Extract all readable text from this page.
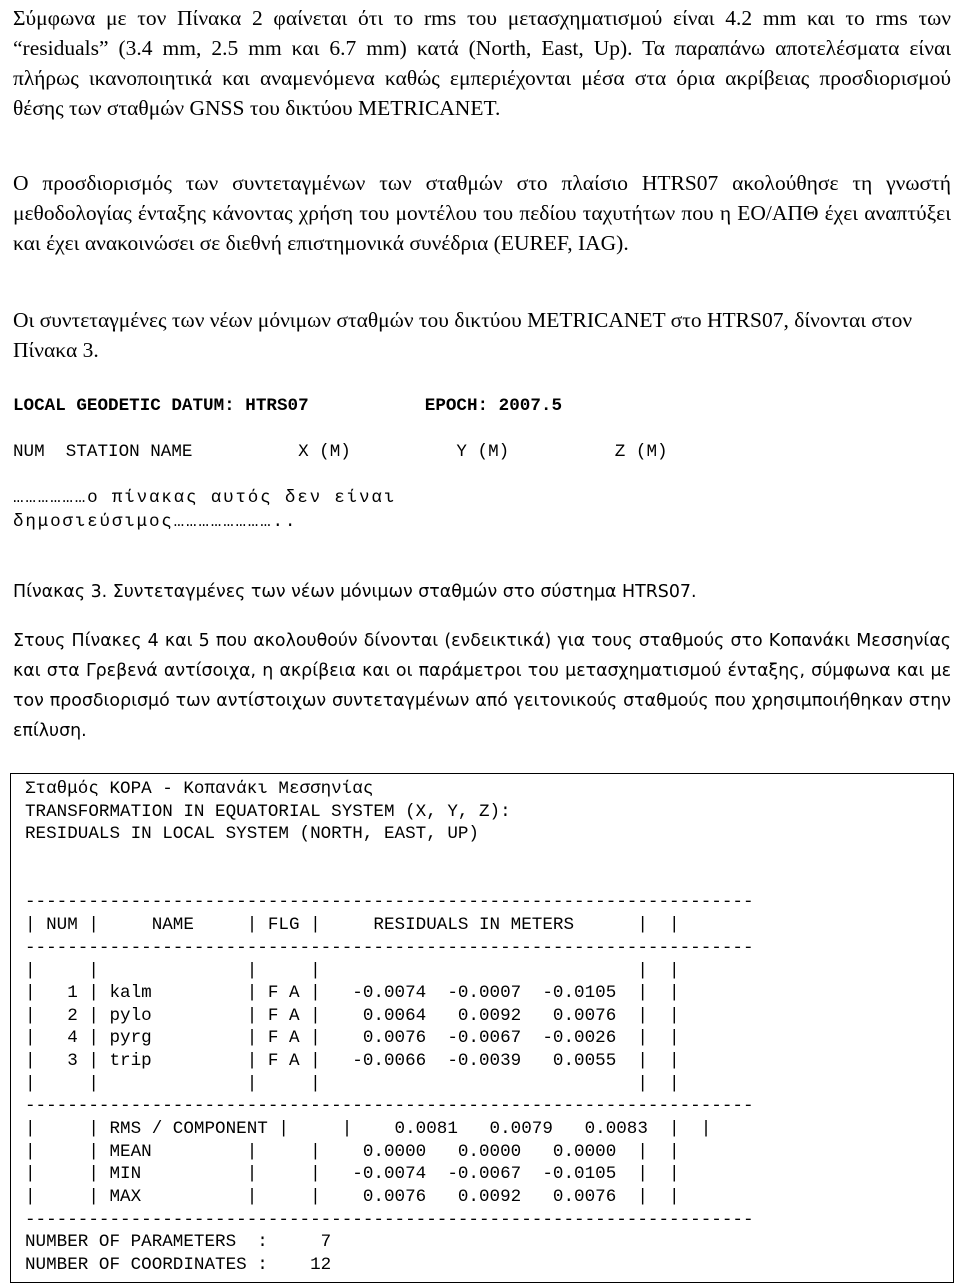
Σύμφωνα με τον Πίνακα 2 φαίνεται ότι το rms του μετασχηματισμού είναι 4.2 mm και το rms των “residuals” (3.4 mm, 2.5 mm και 6.7 mm) κατά (North, East, Up). Τα παραπάνω αποτελέσματα είναι πλήρως ικανοποιητικά και αναμενόμενα καθώς εμπεριέχονται μέσα στα όρια ακρίβειας προσδιορισμού θέσης των σταθμών GNSS του δικτύου METRICANET.

Ο προσδιορισμός των συντεταγμένων των σταθμών στο πλαίσιο HTRS07 ακολούθησε τη γνωστή μεθοδολογίας ένταξης κάνοντας χρήση του μοντέλου του πεδίου ταχυτήτων που η ΕΟ/ΑΠΘ έχει αναπτύξει και έχει ανακοινώσει σε διεθνή επιστημονικά συνέδρια (EUREF, IAG).

Οι συντεταγμένες των νέων μόνιμων σταθμών του δικτύου METRICANET στο HTRS07, δίνονται στον Πίνακα 3.

LOCAL GEODETIC DATUM: HTRS07           EPOCH: 2007.5
NUM  STATION NAME          X (M)          Y (M)          Z (M)
………………o πίνακας αυτός δεν είναι
δημοσιεύσιμος……………………..
Πίνακας 3. Συντεταγμένες των νέων μόνιμων σταθμών στο σύστημα HTRS07.

Στους Πίνακες 4 και 5 που ακολουθούν δίνονται (ενδεικτικά) για τους σταθμούς στο Κοπανάκι Μεσσηνίας και στα Γρεβενά αντίσοιχα, η ακρίβεια και οι παράμετροι του μετασχηματισμού ένταξης, σύμφωνα και με τον προσδιορισμό των αντίστοιχων συντεταγμένων από γειτονικούς σταθμούς που χρησιμποιήθηκαν στην επίλυση.

Σταθμός KOPA - Κοπανάκι Μεσσηνίας
TRANSFORMATION IN EQUATORIAL SYSTEM (X, Y, Z):
RESIDUALS IN LOCAL SYSTEM (NORTH, EAST, UP)
---------------------------------------------------------------------
| NUM |     NAME     | FLG |     RESIDUALS IN METERS      |  |
---------------------------------------------------------------------
|     |              |     |                              |  |
|   1 | kalm         | F A |   -0.0074  -0.0007  -0.0105  |  |
|   2 | pylo         | F A |    0.0064   0.0092   0.0076  |  |
|   4 | pyrg         | F A |    0.0076  -0.0067  -0.0026  |  |
|   3 | trip         | F A |   -0.0066  -0.0039   0.0055  |  |
|     |              |     |                              |  |
---------------------------------------------------------------------
|     | RMS / COMPONENT |     |    0.0081   0.0079   0.0083  |  |
|     | MEAN         |     |    0.0000   0.0000   0.0000  |  |
|     | MIN          |     |   -0.0074  -0.0067  -0.0105  |  |
|     | MAX          |     |    0.0076   0.0092   0.0076  |  |
---------------------------------------------------------------------
NUMBER OF PARAMETERS  :     7
NUMBER OF COORDINATES :    12
